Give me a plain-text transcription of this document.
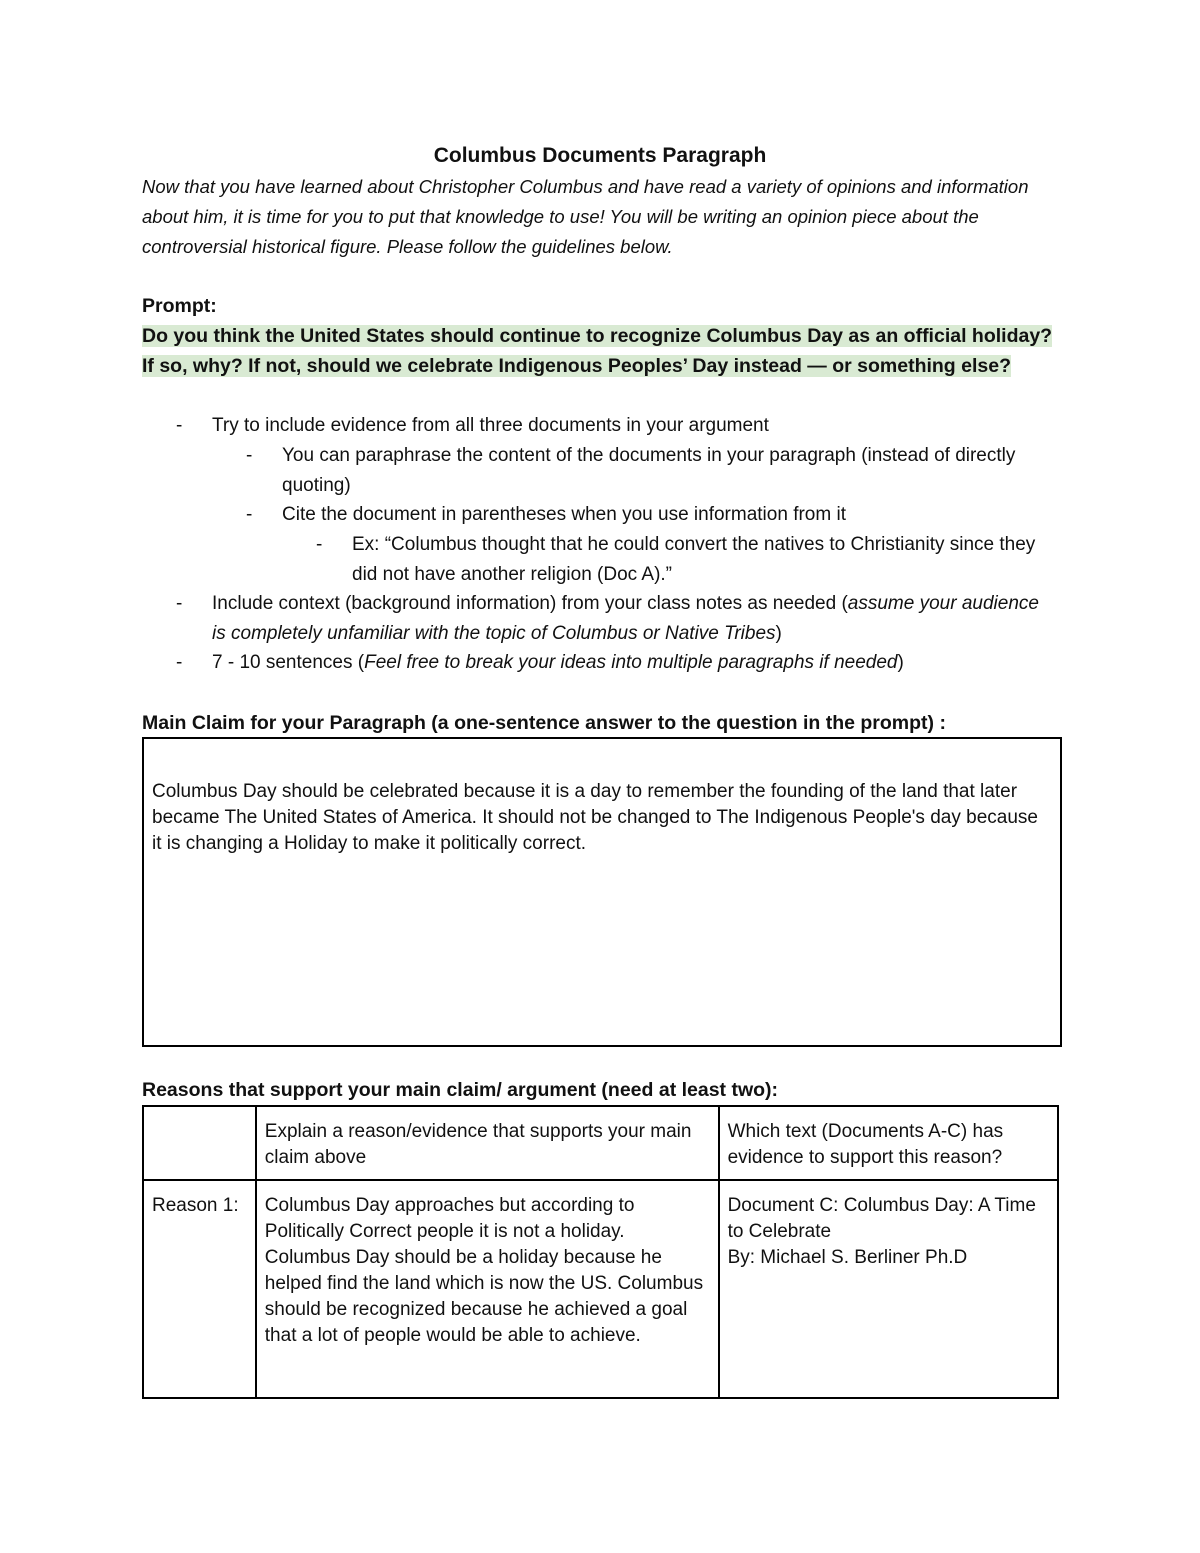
Columbus Documents Paragraph

Now that you have learned about Christopher Columbus and have read a variety of opinions and information about him, it is time for you to put that knowledge to use! You will be writing an opinion piece about the controversial historical figure. Please follow the guidelines below.

Prompt:

Do you think the United States should continue to recognize Columbus Day as an official holiday? If so, why? If not, should we celebrate Indigenous Peoples’ Day instead — or something else?

- Try to include evidence from all three documents in your argument

- You can paraphrase the content of the documents in your paragraph (instead of directly quoting)

- Cite the document in parentheses when you use information from it

- Ex: “Columbus thought that he could convert the natives to Christianity since they did not have another religion (Doc A).”

- Include context (background information) from your class notes as needed (assume your audience is completely unfamiliar with the topic of Columbus or Native Tribes)

- 7 - 10 sentences (Feel free to break your ideas into multiple paragraphs if needed)

Main Claim for your Paragraph (a one-sentence answer to the question in the prompt) :

Columbus Day should be celebrated because it is a day to remember the founding of the land that later became The United States of America. It should not be changed to The Indigenous People's day because it is changing a Holiday to make it politically correct.

Reasons that support your main claim/ argument (need at least two):

	Explain a reason/evidence that supports your main claim above	Which text (Documents A-C) has evidence to support this reason?
Reason 1:	Columbus Day approaches but according to Politically Correct people it is not a holiday. Columbus Day should be a holiday because he helped find the land which is now the US. Columbus should be recognized because he achieved a goal that a lot of people would be able to achieve.	Document C: Columbus Day: A Time to Celebrate
By: Michael S. Berliner Ph.D
